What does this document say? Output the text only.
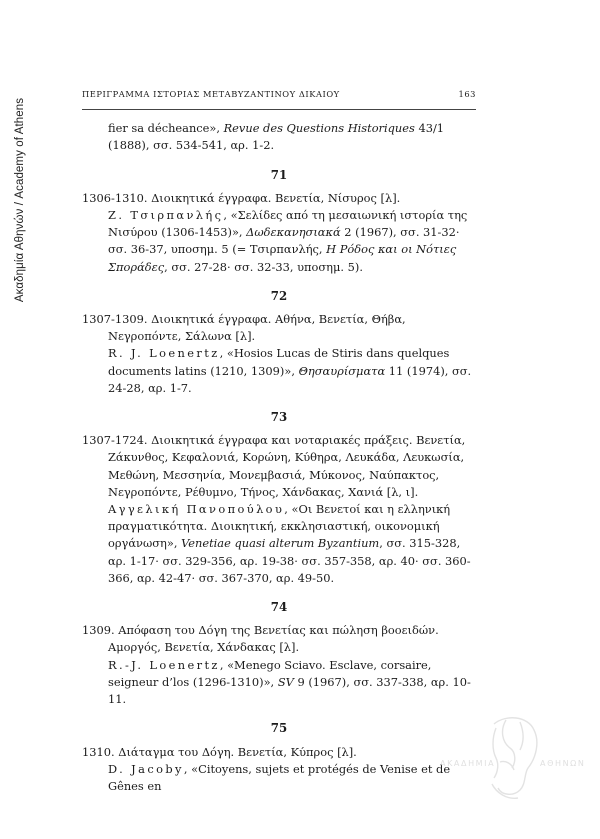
Ακαδημία Αθηνών / Academy of Athens
ΠΕΡΙΓΡΑΜΜΑ ΙΣΤΟΡΙΑΣ ΜΕΤΑΒΥΖΑΝΤΙΝΟΥ ΔΙΚΑΙΟΥ	163

fier sa décheance», Revue des Questions Historiques 43/1 (1888), σσ. 534-541, αρ. 1-2.

71

1306-1310. Διοικητικά έγγραφα. Βενετία, Νίσυρος [λ].

Ζ. Τσιρπανλής, «Σελίδες από τη μεσαιωνική ιστορία της Νισύρου (1306-1453)», Δωδεκανησιακά 2 (1967), σσ. 31-32· σσ. 36-37, υποσημ. 5 (= Τσιρπανλής, Η Ρόδος και οι Νότιες Σποράδες, σσ. 27-28· σσ. 32-33, υποσημ. 5).

72

1307-1309. Διοικητικά έγγραφα. Αθήνα, Βενετία, Θήβα, Νεγροπόντε, Σάλωνα [λ].

R. J. Loenertz, «Hosios Lucas de Stiris dans quelques documents latins (1210, 1309)», Θησαυρίσματα 11 (1974), σσ. 24-28, αρ. 1-7.

73

1307-1724. Διοικητικά έγγραφα και νοταριακές πράξεις. Βενετία, Ζάκυνθος, Κεφαλονιά, Κορώνη, Κύθηρα, Λευκάδα, Λευκωσία, Μεθώνη, Μεσσηνία, Μονεμβασιά, Μύκονος, Ναύπακτος, Νεγροπόντε, Ρέθυμνο, Τήνος, Χάνδακας, Χανιά [λ, ι].

Αγγελική Πανοπούλου, «Οι Βενετοί και η ελληνική πραγματικότητα. Διοικητική, εκκλησιαστική, οικονομική οργάνωση», Venetiae quasi alterum Byzantium, σσ. 315-328, αρ. 1-17· σσ. 329-356, αρ. 19-38· σσ. 357-358, αρ. 40· σσ. 360-366, αρ. 42-47· σσ. 367-370, αρ. 49-50.

74

1309. Απόφαση του Δόγη της Βενετίας και πώληση βοοειδών. Αμοργός, Βενετία, Χάνδακας [λ].

R.-J. Loenertz, «Menego Sciavo. Esclave, corsaire, seigneur d’los (1296-1310)», SV 9 (1967), σσ. 337-338, αρ. 10-11.

75

1310. Διάταγμα του Δόγη. Βενετία, Κύπρος [λ].

D. Jacoby, «Citoyens, sujets et protégés de Venise et de Gênes en

ΑΚΑΔΗΜΙΑ	ΑΘΗΝΩΝ
